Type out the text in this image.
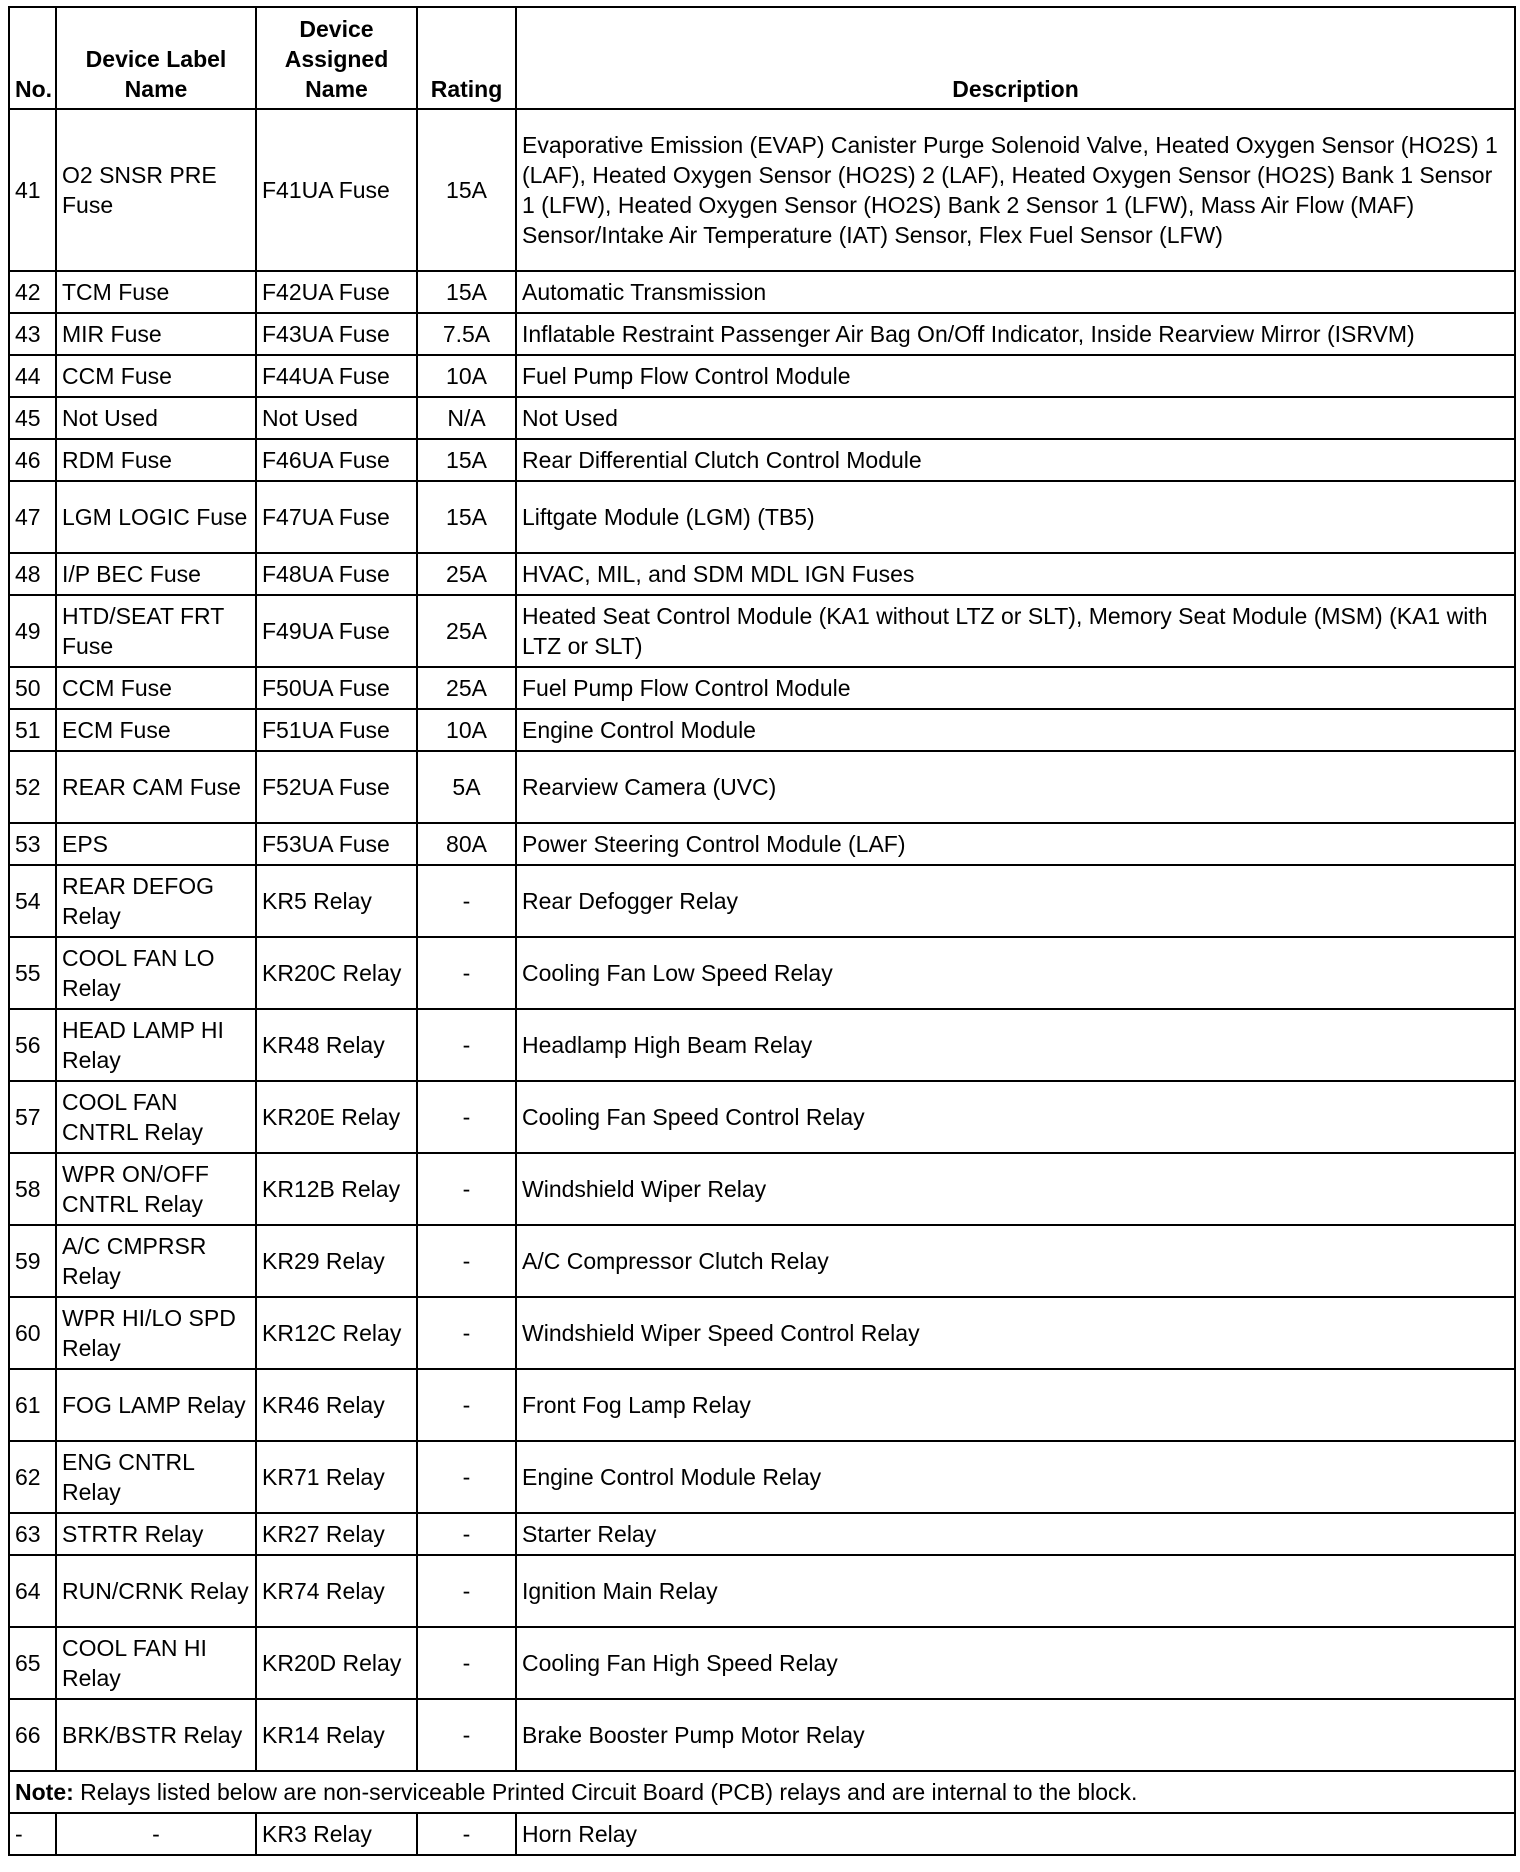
No.	Device Label Name	Device Assigned Name	Rating	Description
41	O2 SNSR PRE Fuse	F41UA Fuse	15A	Evaporative Emission (EVAP) Canister Purge Solenoid Valve, Heated Oxygen Sensor (HO2S) 1 (LAF), Heated Oxygen Sensor (HO2S) 2 (LAF), Heated Oxygen Sensor (HO2S) Bank 1 Sensor 1 (LFW), Heated Oxygen Sensor (HO2S) Bank 2 Sensor 1 (LFW), Mass Air Flow (MAF) Sensor/Intake Air Temperature (IAT) Sensor, Flex Fuel Sensor (LFW)
42	TCM Fuse	F42UA Fuse	15A	Automatic Transmission
43	MIR Fuse	F43UA Fuse	7.5A	Inflatable Restraint Passenger Air Bag On/Off Indicator, Inside Rearview Mirror (ISRVM)
44	CCM Fuse	F44UA Fuse	10A	Fuel Pump Flow Control Module
45	Not Used	Not Used	N/A	Not Used
46	RDM Fuse	F46UA Fuse	15A	Rear Differential Clutch Control Module
47	LGM LOGIC Fuse	F47UA Fuse	15A	Liftgate Module (LGM) (TB5)
48	I/P BEC Fuse	F48UA Fuse	25A	HVAC, MIL, and SDM MDL IGN Fuses
49	HTD/SEAT FRT Fuse	F49UA Fuse	25A	Heated Seat Control Module (KA1 without LTZ or SLT), Memory Seat Module (MSM) (KA1 with LTZ or SLT)
50	CCM Fuse	F50UA Fuse	25A	Fuel Pump Flow Control Module
51	ECM Fuse	F51UA Fuse	10A	Engine Control Module
52	REAR CAM Fuse	F52UA Fuse	5A	Rearview Camera (UVC)
53	EPS	F53UA Fuse	80A	Power Steering Control Module (LAF)
54	REAR DEFOG Relay	KR5 Relay	-	Rear Defogger Relay
55	COOL FAN LO Relay	KR20C Relay	-	Cooling Fan Low Speed Relay
56	HEAD LAMP HI Relay	KR48 Relay	-	Headlamp High Beam Relay
57	COOL FAN CNTRL Relay	KR20E Relay	-	Cooling Fan Speed Control Relay
58	WPR ON/OFF CNTRL Relay	KR12B Relay	-	Windshield Wiper Relay
59	A/C CMPRSR Relay	KR29 Relay	-	A/C Compressor Clutch Relay
60	WPR HI/LO SPD Relay	KR12C Relay	-	Windshield Wiper Speed Control Relay
61	FOG LAMP Relay	KR46 Relay	-	Front Fog Lamp Relay
62	ENG CNTRL Relay	KR71 Relay	-	Engine Control Module Relay
63	STRTR Relay	KR27 Relay	-	Starter Relay
64	RUN/CRNK Relay	KR74 Relay	-	Ignition Main Relay
65	COOL FAN HI Relay	KR20D Relay	-	Cooling Fan High Speed Relay
66	BRK/BSTR Relay	KR14 Relay	-	Brake Booster Pump Motor Relay
Note: Relays listed below are non-serviceable Printed Circuit Board (PCB) relays and are internal to the block.				
-	-	KR3 Relay	-	Horn Relay
